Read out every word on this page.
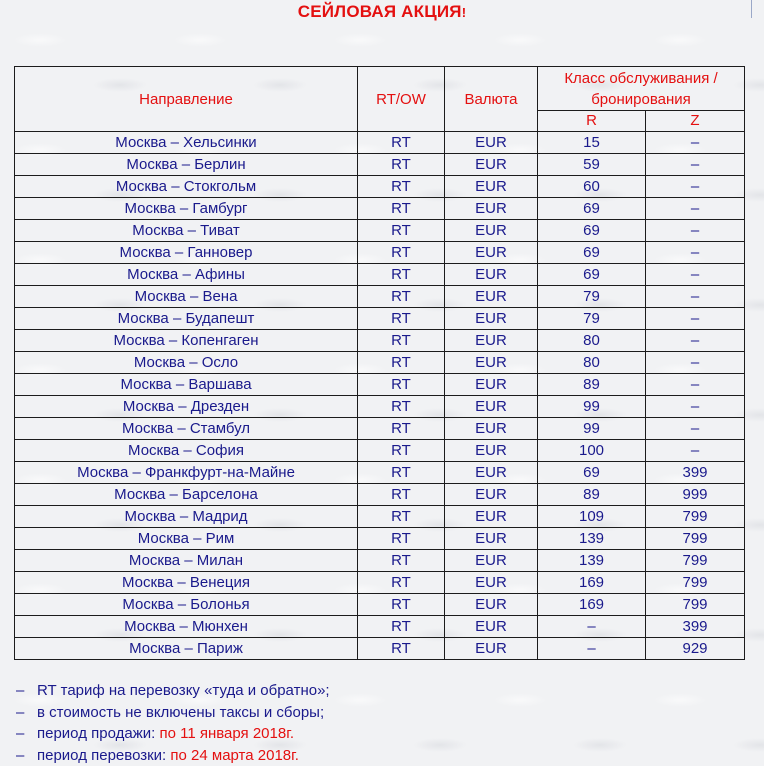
СЕЙЛОВАЯ АКЦИЯ!
Направление	RT/OW	Валюта	Класс обслуживания /
бронирования	
			R	Z
Москва – Хельсинки	RT	EUR	15	–
Москва – Берлин	RT	EUR	59	–
Москва – Стокгольм	RT	EUR	60	–
Москва – Гамбург	RT	EUR	69	–
Москва – Тиват	RT	EUR	69	–
Москва – Ганновер	RT	EUR	69	–
Москва – Афины	RT	EUR	69	–
Москва – Вена	RT	EUR	79	–
Москва – Будапешт	RT	EUR	79	–
Москва – Копенгаген	RT	EUR	80	–
Москва – Осло	RT	EUR	80	–
Москва – Варшава	RT	EUR	89	–
Москва – Дрезден	RT	EUR	99	–
Москва – Стамбул	RT	EUR	99	–
Москва – София	RT	EUR	100	–
Москва – Франкфурт-на-Майне	RT	EUR	69	399
Москва – Барселона	RT	EUR	89	999
Москва – Мадрид	RT	EUR	109	799
Москва – Рим	RT	EUR	139	799
Москва – Милан	RT	EUR	139	799
Москва – Венеция	RT	EUR	169	799
Москва – Болонья	RT	EUR	169	799
Москва – Мюнхен	RT	EUR	–	399
Москва – Париж	RT	EUR	–	929
– RT тариф на перевозку «туда и обратно»;
– в стоимость не включены таксы и сборы;
– период продажи: по 11 января 2018г.
– период перевозки: по 24 марта 2018г.
